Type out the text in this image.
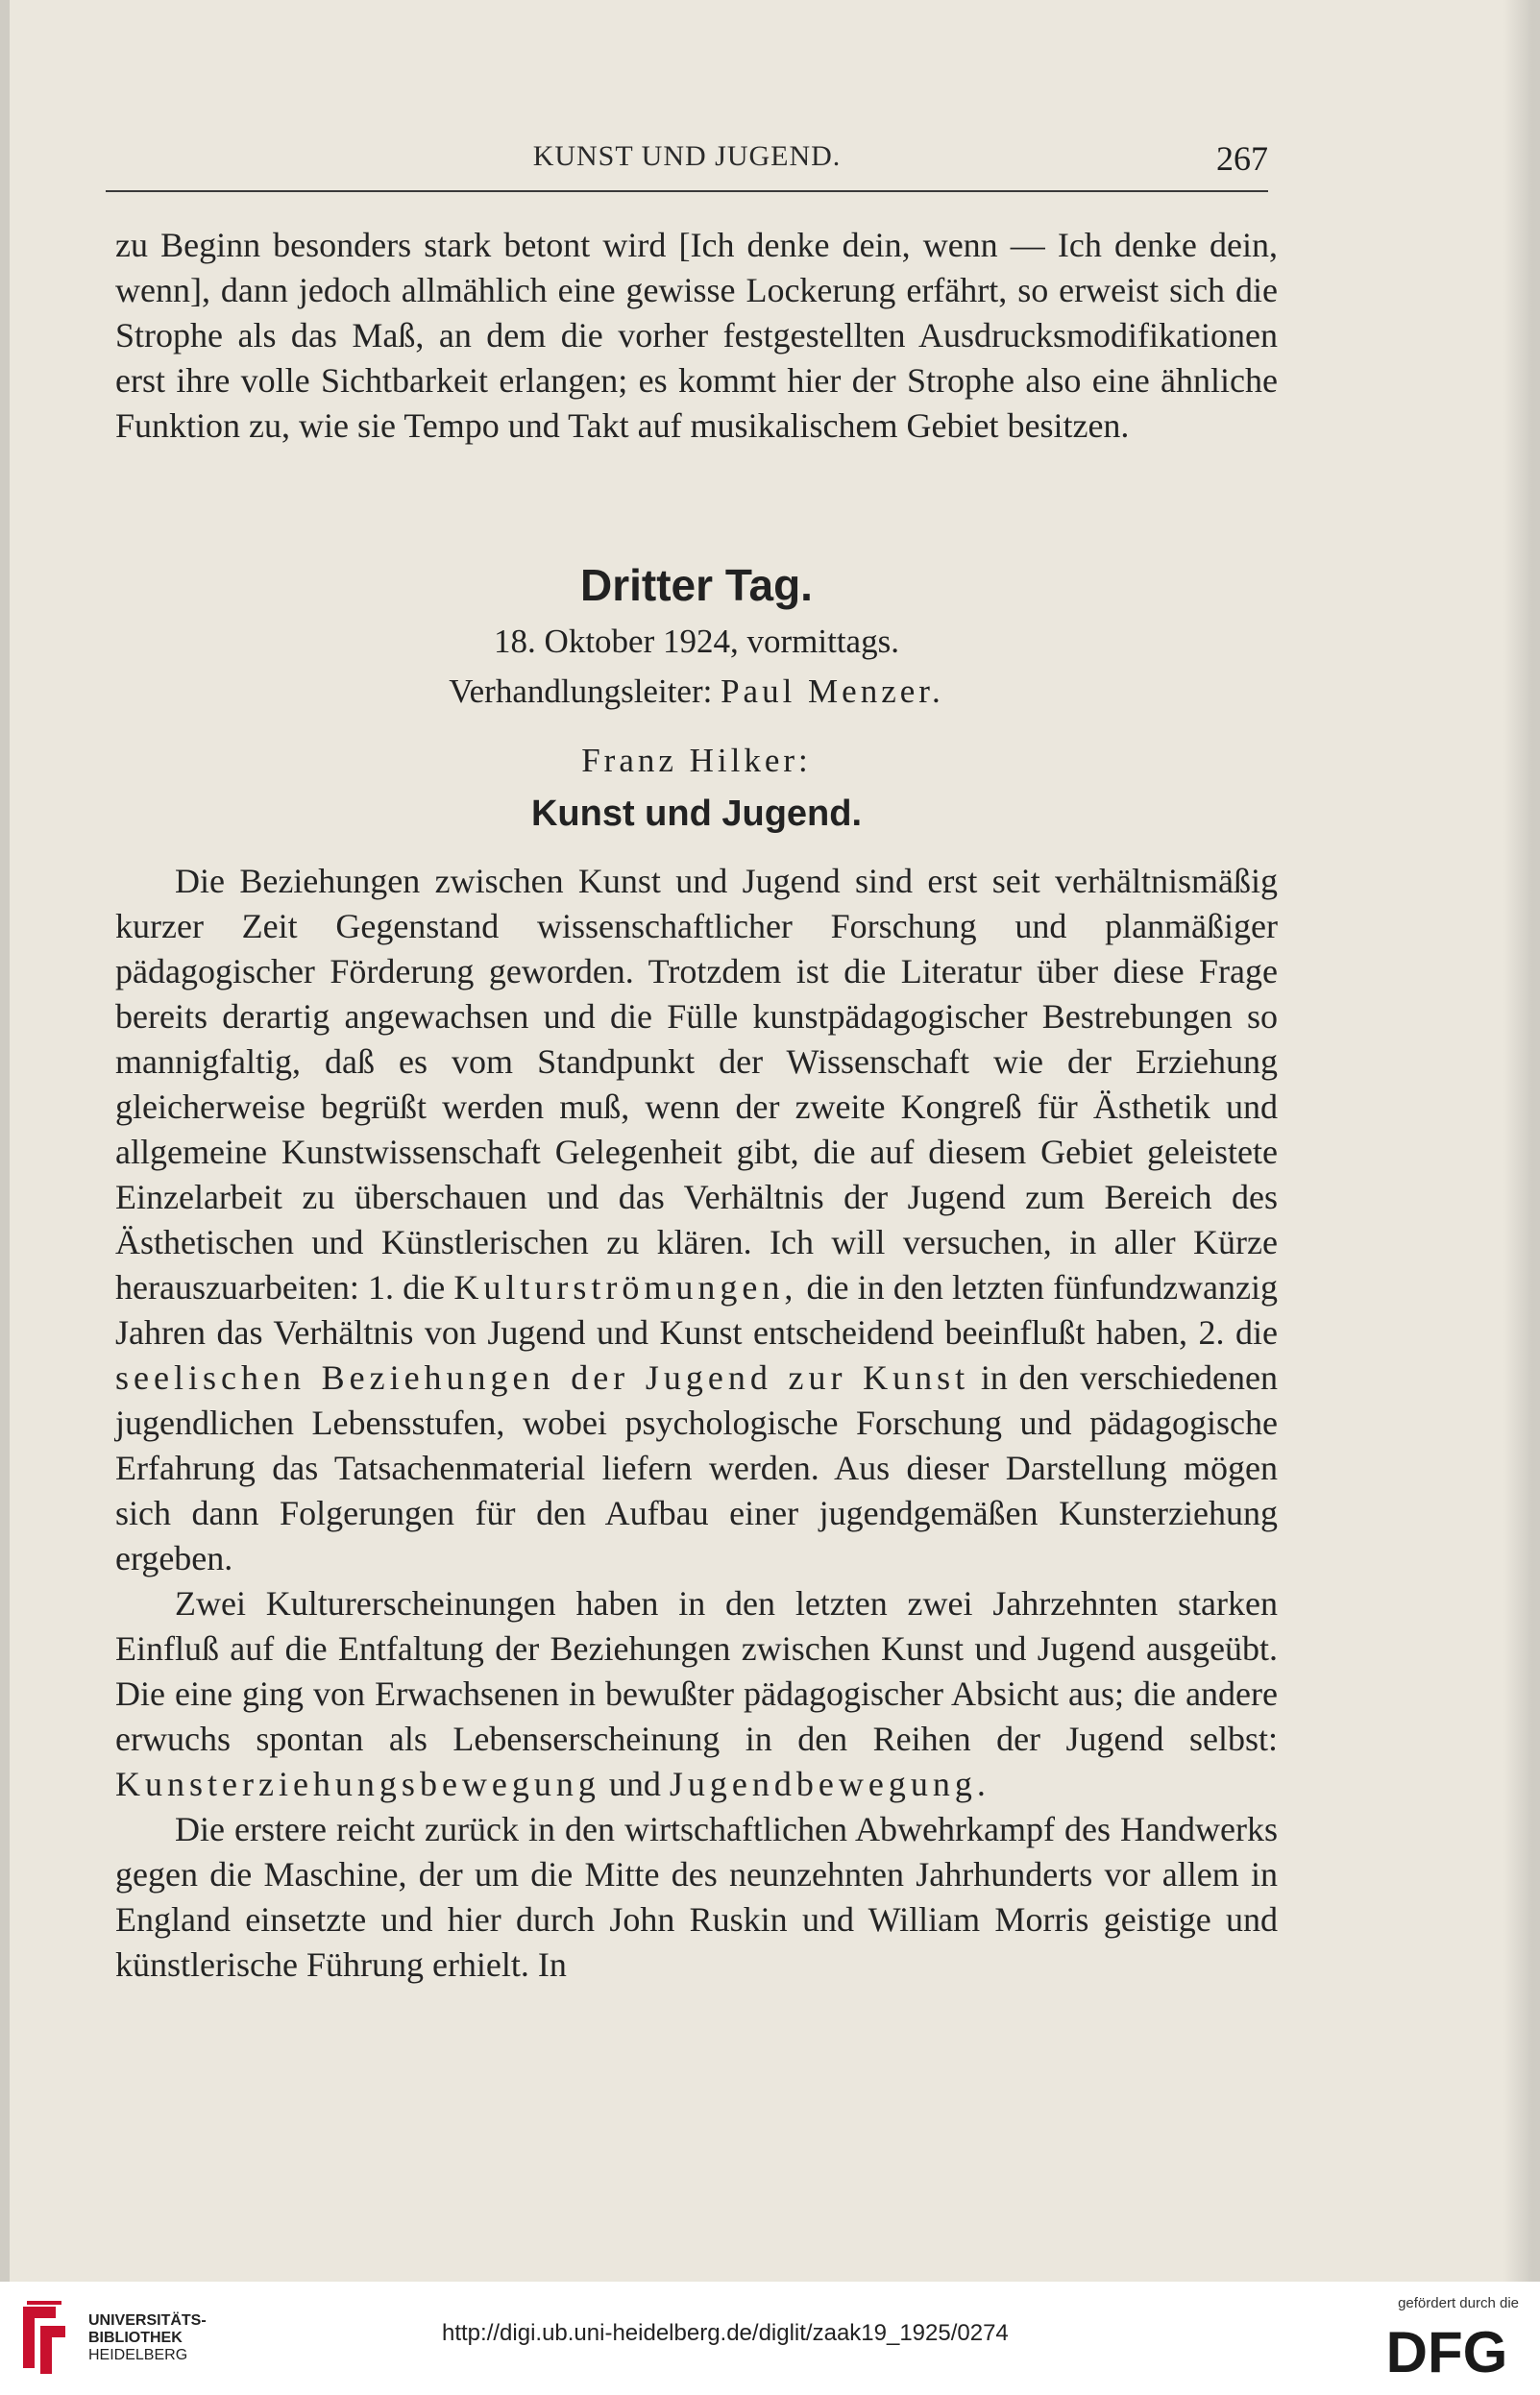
KUNST UND JUGEND.	267

zu Beginn besonders stark betont wird [Ich denke dein, wenn — Ich denke dein, wenn], dann jedoch allmählich eine gewisse Lockerung erfährt, so erweist sich die Strophe als das Maß, an dem die vorher festgestellten Ausdrucksmodifikationen erst ihre volle Sichtbarkeit erlangen; es kommt hier der Strophe also eine ähnliche Funktion zu, wie sie Tempo und Takt auf musikalischem Gebiet besitzen.

Dritter Tag.
18. Oktober 1924, vormittags.
Verhandlungsleiter: Paul Menzer.
Franz Hilker:
Kunst und Jugend.

Die Beziehungen zwischen Kunst und Jugend sind erst seit verhältnismäßig kurzer Zeit Gegenstand wissenschaftlicher Forschung und planmäßiger pädagogischer Förderung geworden. Trotzdem ist die Literatur über diese Frage bereits derartig angewachsen und die Fülle kunstpädagogischer Bestrebungen so mannigfaltig, daß es vom Standpunkt der Wissenschaft wie der Erziehung gleicherweise begrüßt werden muß, wenn der zweite Kongreß für Ästhetik und allgemeine Kunstwissenschaft Gelegenheit gibt, die auf diesem Gebiet geleistete Einzelarbeit zu überschauen und das Verhältnis der Jugend zum Bereich des Ästhetischen und Künstlerischen zu klären. Ich will versuchen, in aller Kürze herauszuarbeiten: 1. die Kulturströmungen, die in den letzten fünfundzwanzig Jahren das Verhältnis von Jugend und Kunst entscheidend beeinflußt haben, 2. die seelischen Beziehungen der Jugend zur Kunst in den verschiedenen jugendlichen Lebensstufen, wobei psychologische Forschung und pädagogische Erfahrung das Tatsachenmaterial liefern werden. Aus dieser Darstellung mögen sich dann Folgerungen für den Aufbau einer jugendgemäßen Kunsterziehung ergeben.

Zwei Kulturerscheinungen haben in den letzten zwei Jahrzehnten starken Einfluß auf die Entfaltung der Beziehungen zwischen Kunst und Jugend ausgeübt. Die eine ging von Erwachsenen in bewußter pädagogischer Absicht aus; die andere erwuchs spontan als Lebenserscheinung in den Reihen der Jugend selbst: Kunsterziehungsbewegung und Jugendbewegung.

Die erstere reicht zurück in den wirtschaftlichen Abwehrkampf des Handwerks gegen die Maschine, der um die Mitte des neunzehnten Jahrhunderts vor allem in England einsetzte und hier durch John Ruskin und William Morris geistige und künstlerische Führung erhielt. In

UNIVERSITÄTS-
BIBLIOTHEK
HEIDELBERG
http://digi.ub.uni-heidelberg.de/diglit/zaak19_1925/0274
gefördert durch die
DFG
